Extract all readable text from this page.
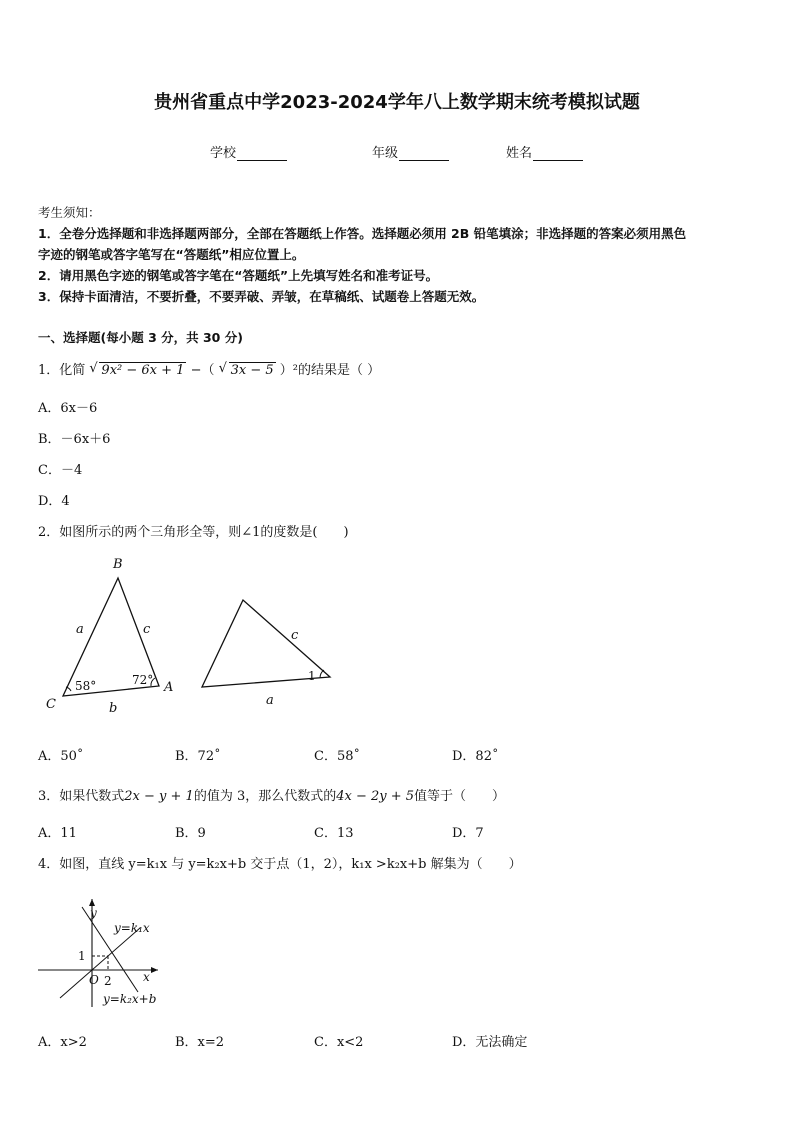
贵州省重点中学2023-2024学年八上数学期末统考模拟试题
学校	年级	姓名
考生须知：
1．全卷分选择题和非选择题两部分，全部在答题纸上作答。选择题必须用 2B 铅笔填涂；非选择题的答案必须用黑色
字迹的钢笔或答字笔写在“答题纸”相应位置上。
2．请用黑色字迹的钢笔或答字笔在“答题纸”上先填写姓名和准考证号。
3．保持卡面清洁，不要折叠，不要弄破、弄皱，在草稿纸、试题卷上答题无效。
一、选择题(每小题 3 分，共 30 分)
1．化简 √ 9x² − 6x + 1 −（ √ 3x − 5 ）²的结果是（ ）
A．6x－6
B．－6x＋6
C．－4
D．4
2．如图所示的两个三角形全等，则∠1的度数是(　　)
B
C
A
a	c
b
58°	72°
c
a
1
A．50˚	B．72˚	C．58˚	D．82˚
3．如果代数式2x − y + 1的值为 3，那么代数式的4x − 2y + 5值等于（　　）
A．11	B．9	C．13	D．7
4．如图，直线 y=k₁x 与 y=k₂x+b 交于点（1，2），k₁x >k₂x+b 解集为（　　）
y
x
O
1
2
y=k₁x
y=k₂x+b
A．x>2	B．x=2	C．x<2	D．无法确定
